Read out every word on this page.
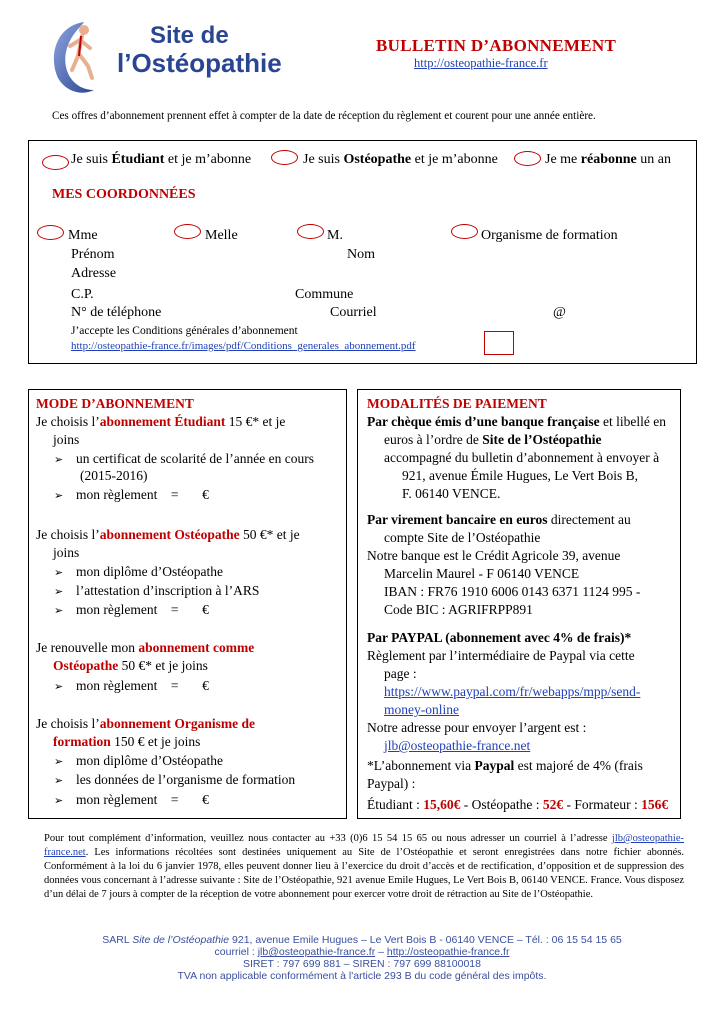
Site de
l’Ostéopathie
BULLETIN D’ABONNEMENT
http://osteopathie-france.fr
Ces offres d’abonnement prennent effet à compter de la date de réception du règlement et courent pour une année entière.
Je suis Étudiant et je m’abonne	Je suis Ostéopathe et je m’abonne	Je me réabonne un an
MES COORDONNÉES
Mme	Melle	M.	Organisme de formation
Prénom	Nom
Adresse
C.P.	Commune
N° de téléphone	Courriel	@
J’accepte les Conditions générales d’abonnement
http://osteopathie-france.fr/images/pdf/Conditions_generales_abonnement.pdf
MODE D’ABONNEMENT
Je choisis l’abonnement Étudiant 15 €* et je
joins
➢ un certificat de scolarité de l’année en cours
(2015-2016)
➢ mon règlement    =       €
Je choisis l’abonnement Ostéopathe 50 €* et je
joins
➢ mon diplôme d’Ostéopathe
➢ l’attestation d’inscription à l’ARS
➢ mon règlement    =       €
Je renouvelle mon abonnement comme
Ostéopathe 50 €* et je joins
➢ mon règlement    =       €
Je choisis l’abonnement Organisme de
formation 150 € et je joins
➢ mon diplôme d’Ostéopathe
➢ les données de l’organisme de formation
➢ mon règlement    =       €
MODALITÉS DE PAIEMENT
Par chèque émis d’une banque française et libellé en
euros à l’ordre de Site de l’Ostéopathie
accompagné du bulletin d’abonnement à envoyer à
921, avenue Émile Hugues, Le Vert Bois B,
F. 06140 VENCE.
Par virement bancaire en euros directement au
compte Site de l’Ostéopathie
Notre banque est le Crédit Agricole 39, avenue
Marcelin Maurel - F 06140 VENCE
IBAN : FR76 1910 6006 0143 6371 1124 995 -
Code BIC : AGRIFRPP891
Par PAYPAL (abonnement avec 4% de frais)*
Règlement par l’intermédiaire de Paypal via cette
page :
https://www.paypal.com/fr/webapps/mpp/send-
money-online
Notre adresse pour envoyer l’argent est :
jlb@osteopathie-france.net
*L’abonnement via Paypal est majoré de 4% (frais
Paypal) :
Étudiant : 15,60€ - Ostéopathe : 52€ - Formateur : 156€
Pour tout complément d’information, veuillez nous contacter au +33 (0)6 15 54 15 65 ou nous adresser un courriel à l’adresse jlb@osteopathie-france.net. Les informations récoltées sont destinées uniquement au Site de l’Ostéopathie et seront enregistrées dans notre fichier abonnés. Conformément à la loi du 6 janvier 1978, elles peuvent donner lieu à l’exercice du droit d’accès et de rectification, d’opposition et de suppression des données vous concernant à l’adresse suivante : Site de l’Ostéopathie, 921 avenue Emile Hugues, Le Vert Bois B, 06140 VENCE. France. Vous disposez d’un délai de 7 jours à compter de la réception de votre abonnement pour exercer votre droit de rétraction au Site de l’Ostéopathie.
SARL Site de l’Ostéopathie 921, avenue Emile Hugues – Le Vert Bois B - 06140 VENCE – Tél. : 06 15 54 15 65
courriel : jlb@osteopathie-france.fr – http://osteopathie-france.fr
SIRET : 797 699 881 – SIREN : 797 699 88100018
TVA non applicable conformément à l'article 293 B du code général des impôts.
